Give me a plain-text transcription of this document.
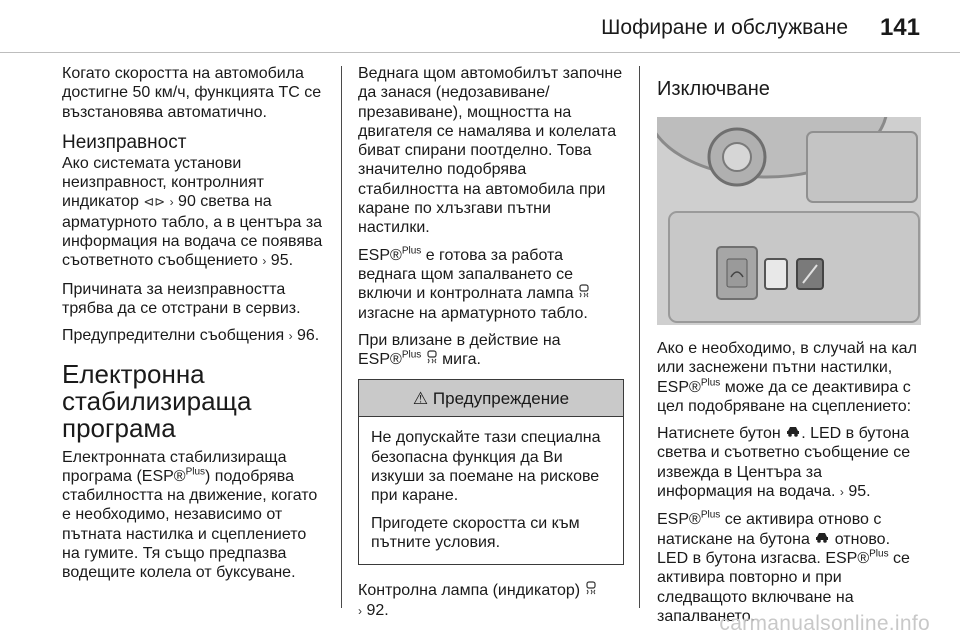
Шофиране и обслужване 141

Когато скоростта на автомобила достигне 50 км/ч, функцията TC се възстановява автоматично.

Неизправност

Ако системата установи неизправност, контролният индикатор ⊲⊳ › 90 светва на арматурното табло, а в центъра за информация на водача се появява съответното съобщението › 95.

Причината за неизправността трябва да се отстрани в сервиз.

Предупредителни съобщения › 96.

Електронна стабилизираща програма

Електронната стабилизираща програма (ESP®$^{Plus}$) подобрява стабилността на движение, когато е необходимо, независимо от пътната настилка и сцеплението на гумите. Тя също предпазва водещите колела от буксуване.

Веднага щом автомобилът започне да занася (недозавиване/презавиване), мощността на двигателя се намалява и колелата биват спирани поотделно. Това значително подобрява стабилността на автомобила при каране по хлъзгави пътни настилки.

ESP®$^{Plus}$ е готова за работа веднага щом запалването се включи и контролната лампа  изгасне на арматурното табло.

При влизане в действие на ESP®$^{Plus}$  мига.

⚠ Предупреждение

Не допускайте тази специална безопасна функция да Ви изкуши за поемане на рискове при каране.

Пригодете скоростта си към пътните условия.

Контролна лампа (индикатор)
› 92.

Изключване

Ако е необходимо, в случай на кал или заснежени пътни настилки, ESP®$^{Plus}$ може да се деактивира с цел подобряване на сцеплението:

Натиснете бутон . LED в бутона светва и съответно съобщение се извежда в Центъра за информация на водача. › 95.

ESP®$^{Plus}$ се активира отново с натискане на бутона  отново. LED в бутона изгасва. ESP®$^{Plus}$ се активира повторно и при следващото включване на запалването.

carmanualsonline.info
